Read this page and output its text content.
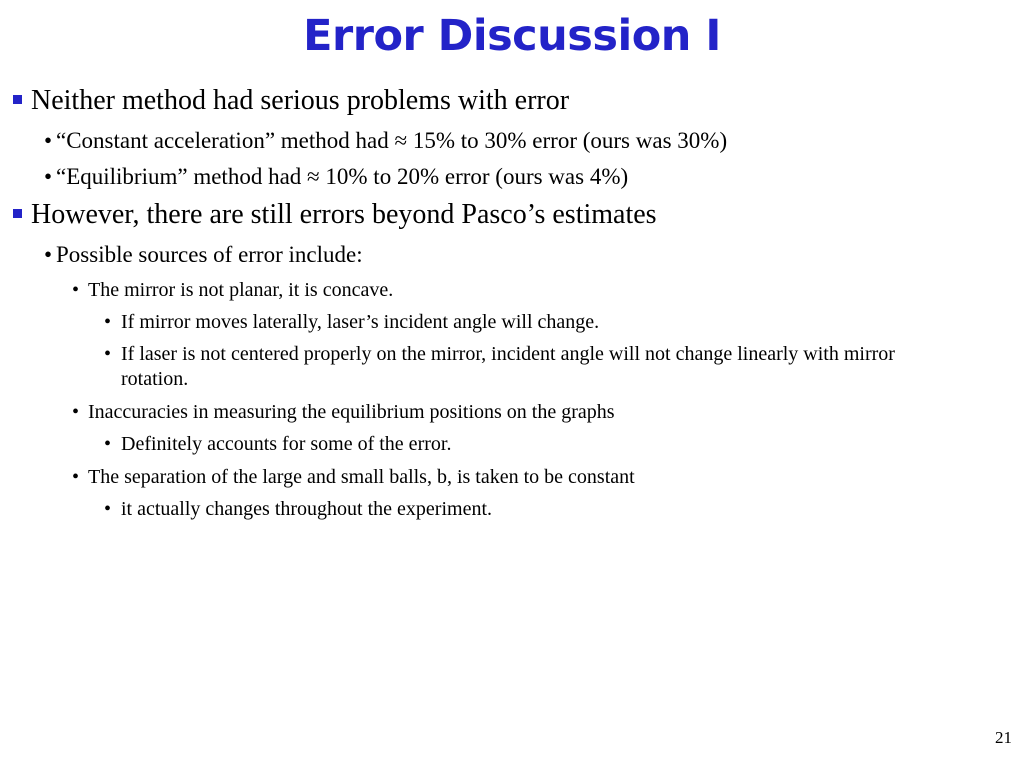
Error Discussion I
Neither method had serious problems with error
• “Constant acceleration” method had ≈ 15% to 30% error (ours was 30%)
• “Equilibrium” method had ≈ 10% to 20% error (ours was 4%)
However, there are still errors beyond Pasco’s estimates
• Possible sources of error include:
• The mirror is not planar, it is concave.
• If mirror moves laterally, laser’s incident angle will change.
• If laser is not centered properly on the mirror, incident angle will not change linearly with mirror rotation.
• Inaccuracies in measuring the equilibrium positions on the graphs
• Definitely accounts for some of the error.
• The separation of the large and small balls, b, is taken to be constant
• it actually changes throughout the experiment.
21
